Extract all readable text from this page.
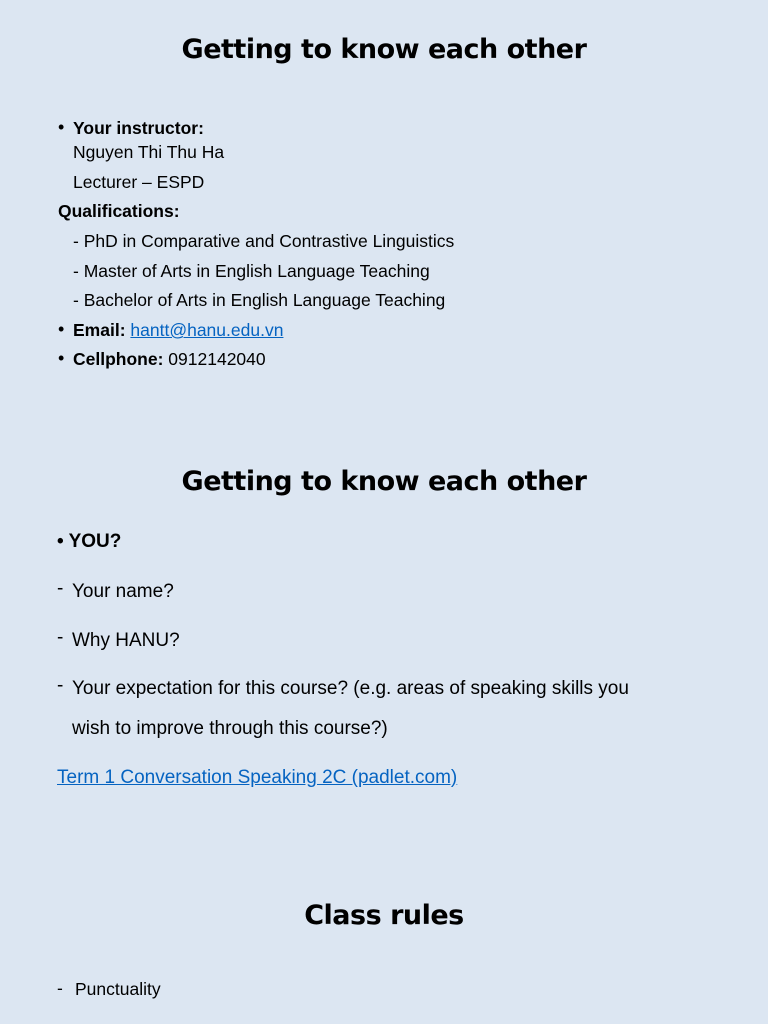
Getting to know each other
• Your instructor:
Nguyen Thi Thu Ha
Lecturer – ESPD
Qualifications:
- PhD in Comparative and Contrastive Linguistics
- Master of Arts in English Language Teaching
- Bachelor of Arts in English Language Teaching
• Email: hantt@hanu.edu.vn
• Cellphone: 0912142040
Getting to know each other
• YOU?
- Your name?
- Why HANU?
- Your expectation for this course? (e.g. areas of speaking skills you
wish to improve through this course?)
Term 1 Conversation Speaking 2C (padlet.com)
Class rules
- Punctuality
